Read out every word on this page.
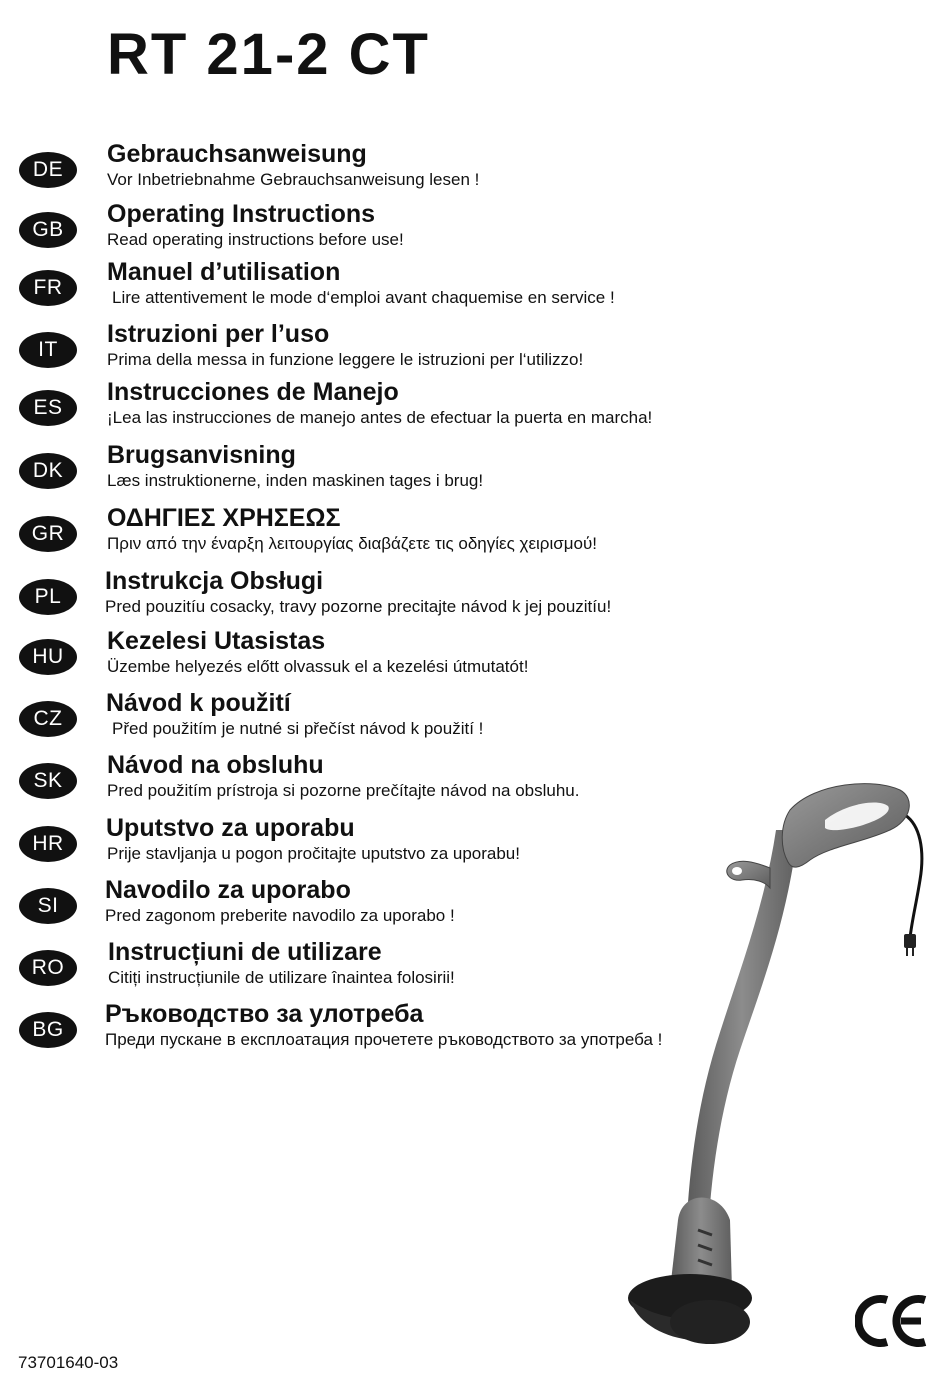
RT 21-2 CT
DE
Gebrauchsanweisung
Vor Inbetriebnahme Gebrauchsanweisung lesen !
GB
Operating Instructions
Read operating instructions before use!
FR
Manuel d’utilisation
Lire attentivement le mode d‘emploi avant chaquemise en service !
IT
Istruzioni per l’uso
Prima della messa in funzione leggere le istruzioni per l‘utilizzo!
ES
Instrucciones de Manejo
¡Lea las instrucciones de manejo antes de efectuar la puerta en marcha!
DK
Brugsanvisning
Læs instruktionerne, inden maskinen tages i brug!
GR
ΟΔΗΓΙΕΣ ΧΡΗΣΕΩΣ
Πριν από την έναρξη λειτουργίας διαβάζετε τις οδηγίες χειρισμού!
PL
Instrukcja Obsługi
Pred pouzitíu cosacky, travy pozorne precitajte návod k jej pouzitíu!
HU
Kezelesi Utasistas
Üzembe helyezés előtt olvassuk el a kezelési útmutatót!
CZ
Návod k použití
Před použitím je nutné si přečíst návod k použití !
SK
Návod na obsluhu
Pred použitím prístroja si pozorne prečítajte návod na obsluhu.
HR
Uputstvo za uporabu
Prije stavljanja u pogon pročitajte uputstvo za uporabu!
SI
Navodilo za uporabo
Pred zagonom preberite navodilo za uporabo !
RO
Instrucțiuni de utilizare
Citiți instrucțiunile de utilizare înaintea folosirii!
BG
Ръководство за улотреба
Преди пускане в експлоатация прочетете ръководството за употреба !
73701640-03
